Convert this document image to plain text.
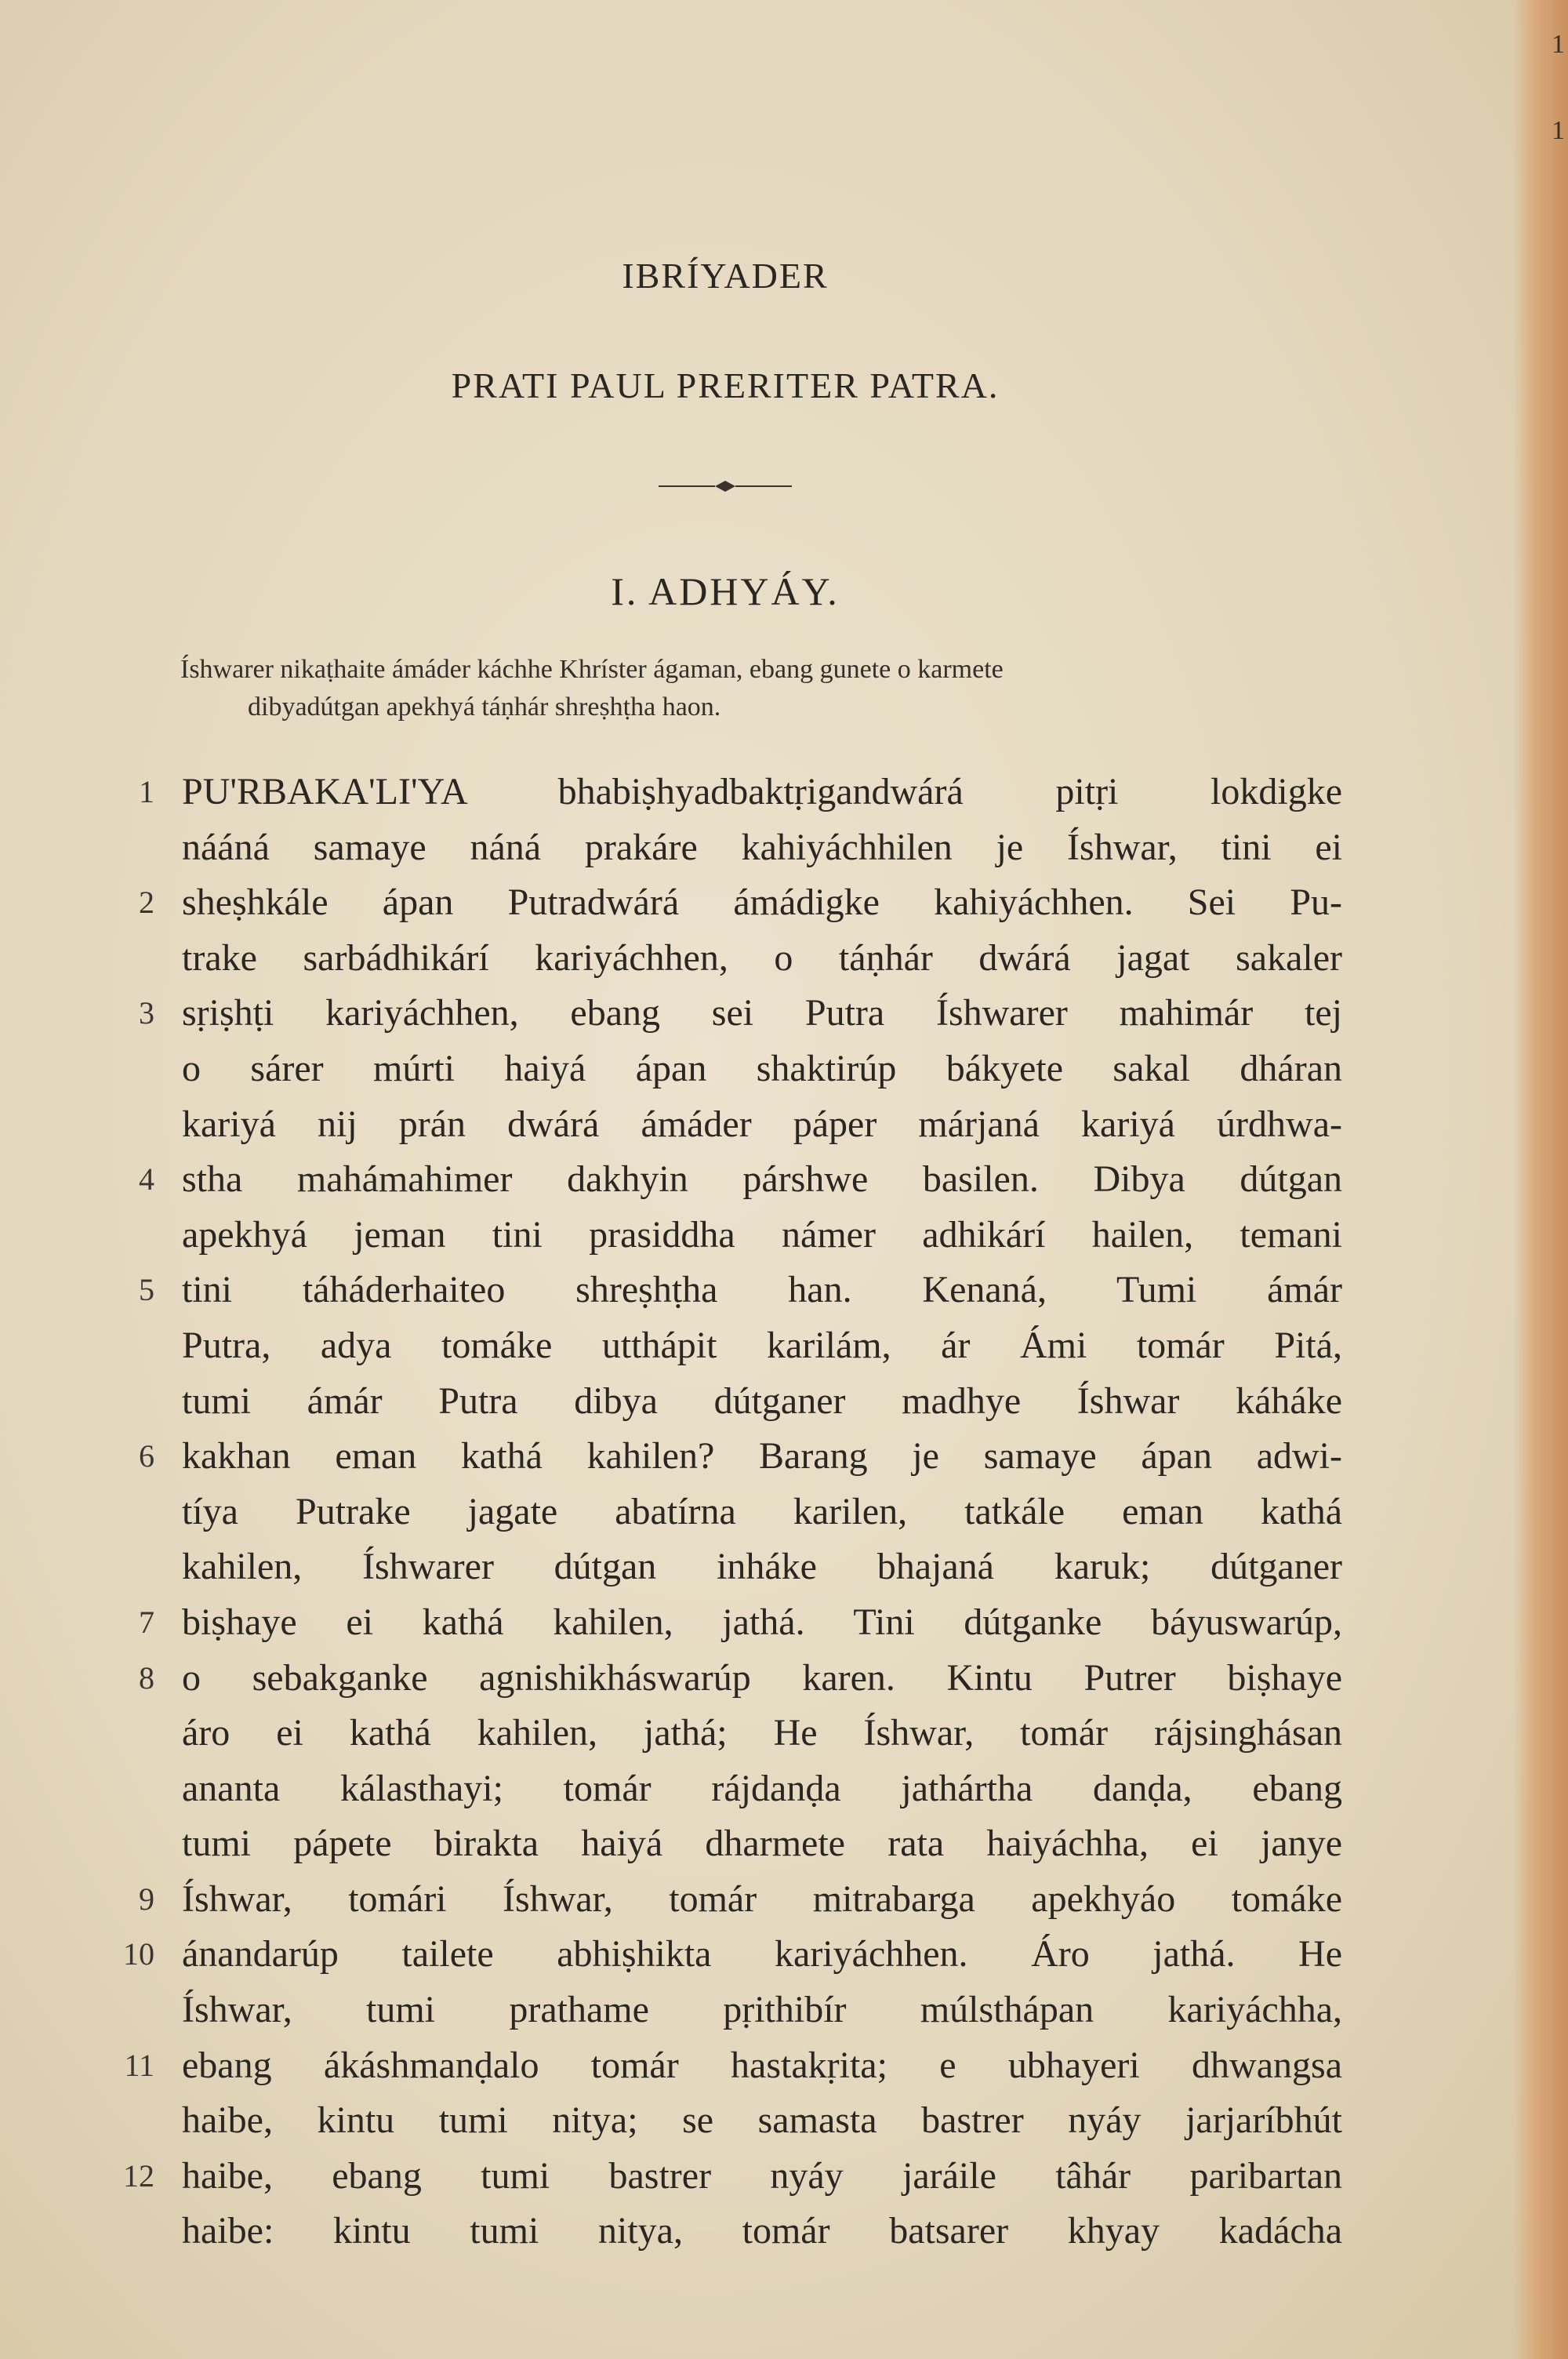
1
1
IBRÍYADER
PRATI PAUL PRERITER PATRA.
I. ADHYÁY.
Íshwarer nikaṭhaite ámáder káchhe Khríster ágaman, ebang gunete o karmete
dibyadútgan apekhyá táṇhár shreṣhṭha haon.
1 PU'RBAKA'LI'YA bhabiṣhyadbaktṛigandwárá pitṛi lokdigke
nááná samaye náná prakáre kahiyáchhilen je Íshwar, tini ei
2 sheṣhkále ápan Putradwárá ámádigke kahiyáchhen. Sei Pu-
trake sarbádhikárí kariyáchhen, o táṇhár dwárá jagat sakaler
3 sṛiṣhṭi kariyáchhen, ebang sei Putra Íshwarer mahimár tej
o sárer múrti haiyá ápan shaktirúp bákyete sakal dháran
kariyá nij prán dwárá ámáder páper márjaná kariyá úrdhwa-
4 stha mahámahimer dakhyin párshwe basilen. Dibya dútgan
apekhyá jeman tini prasiddha námer adhikárí hailen, temani
5 tini táháderhaiteo shreṣhṭha han. Kenaná, Tumi ámár
Putra, adya tomáke utthápit karilám, ár Ámi tomár Pitá,
tumi ámár Putra dibya dútganer madhye Íshwar káháke
6 kakhan eman kathá kahilen? Barang je samaye ápan adwi-
tíya Putrake jagate abatírna karilen, tatkále eman kathá
kahilen, Íshwarer dútgan inháke bhajaná karuk; dútganer
7 biṣhaye ei kathá kahilen, jathá. Tini dútganke báyuswarúp,
8 o sebakganke agnishikháswarúp karen. Kintu Putrer biṣhaye
áro ei kathá kahilen, jathá; He Íshwar, tomár rájsinghásan
ananta kálasthayi; tomár rájdanḍa jathártha danḍa, ebang
tumi pápete birakta haiyá dharmete rata haiyáchha, ei janye
9 Íshwar, tomári Íshwar, tomár mitrabarga apekhyáo tomáke
10 ánandarúp tailete abhiṣhikta kariyáchhen. Áro jathá. He
Íshwar, tumi prathame pṛithibír múlsthápan kariyáchha,
11 ebang ákáshmanḍalo tomár hastakṛita; e ubhayeri dhwangsa
haibe, kintu tumi nitya; se samasta bastrer nyáy jarjaríbhút
12 haibe, ebang tumi bastrer nyáy jaráile tâhár paribartan
haibe: kintu tumi nitya, tomár batsarer khyay kadácha
